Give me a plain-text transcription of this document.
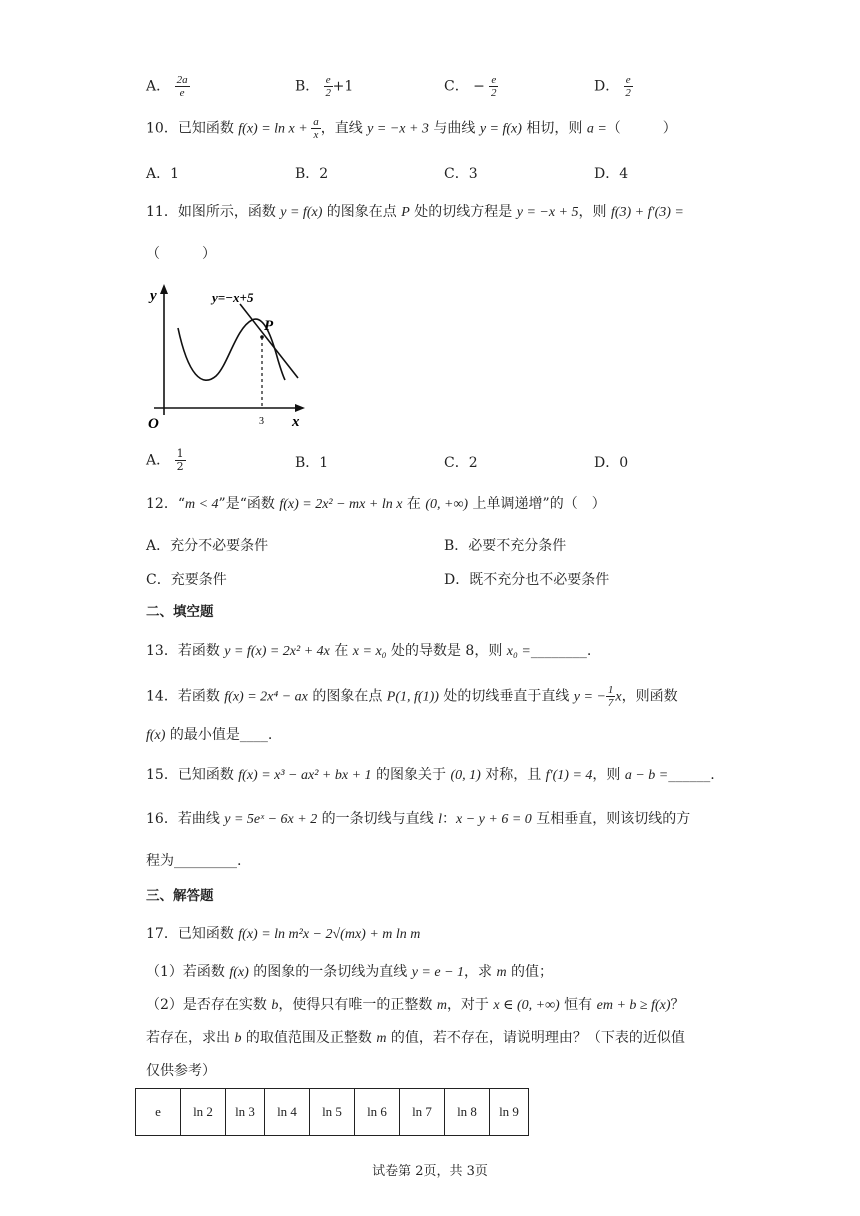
A． $\frac{2a}{e}$	B． $\frac{e}{2} +1$	C． − $\frac{e}{2}$	D． $\frac{e}{2}$
10．已知函数 $f(x) = \ln x + \frac{a}{x}$ ，直线 y = −x + 3 与曲线 y = f(x) 相切，则 a =（　　　）
A．1	B．2	C．3	D．4
11．如图所示，函数 y = f(x) 的图象在点 P 处的切线方程是 y = −x + 5，则 f(3) + f′(3) =
（　　　）
y
x
O
y=−x+5
P
3
A． $\frac{1}{2}$	B．1	C．2	D．0
12．“m < 4”是“函数 f(x) = 2x² − mx + ln x 在 (0, +∞) 上单调递增”的（　）
A．充分不必要条件	B．必要不充分条件
C．充要条件	D．既不充分也不必要条件
二、填空题
13．若函数 y = f(x) = 2x² + 4x 在 x = x₀ 处的导数是 8，则 x₀ =________.
14．若函数 f(x) = 2x⁴ − ax 的图象在点 P(1, f(1)) 处的切线垂直于直线 y = − $\frac{1}{7}$ x，则函数
f(x) 的最小值是____.
15．已知函数 f(x) = x³ − ax² + bx + 1 的图象关于 (0, 1) 对称，且 f′(1) = 4，则 a − b =______.
16．若曲线 y = 5eˣ − 6x + 2 的一条切线与直线 l：x − y + 6 = 0 互相垂直，则该切线的方
程为_________.
三、解答题
17．已知函数 f(x) = ln m²x − 2√(mx) + m ln m
（1）若函数 f(x) 的图象的一条切线为直线 y = e − 1，求 m 的值；
（2）是否存在实数 b，使得只有唯一的正整数 m，对于 x ∈ (0, +∞) 恒有 em + b ≥ f(x)？
若存在，求出 b 的取值范围及正整数 m 的值，若不存在，请说明理由？（下表的近似值
仅供参考）
e	ln 2	ln 3	ln 4	ln 5	ln 6	ln 7	ln 8	ln 9
试卷第 2页，共 3页
